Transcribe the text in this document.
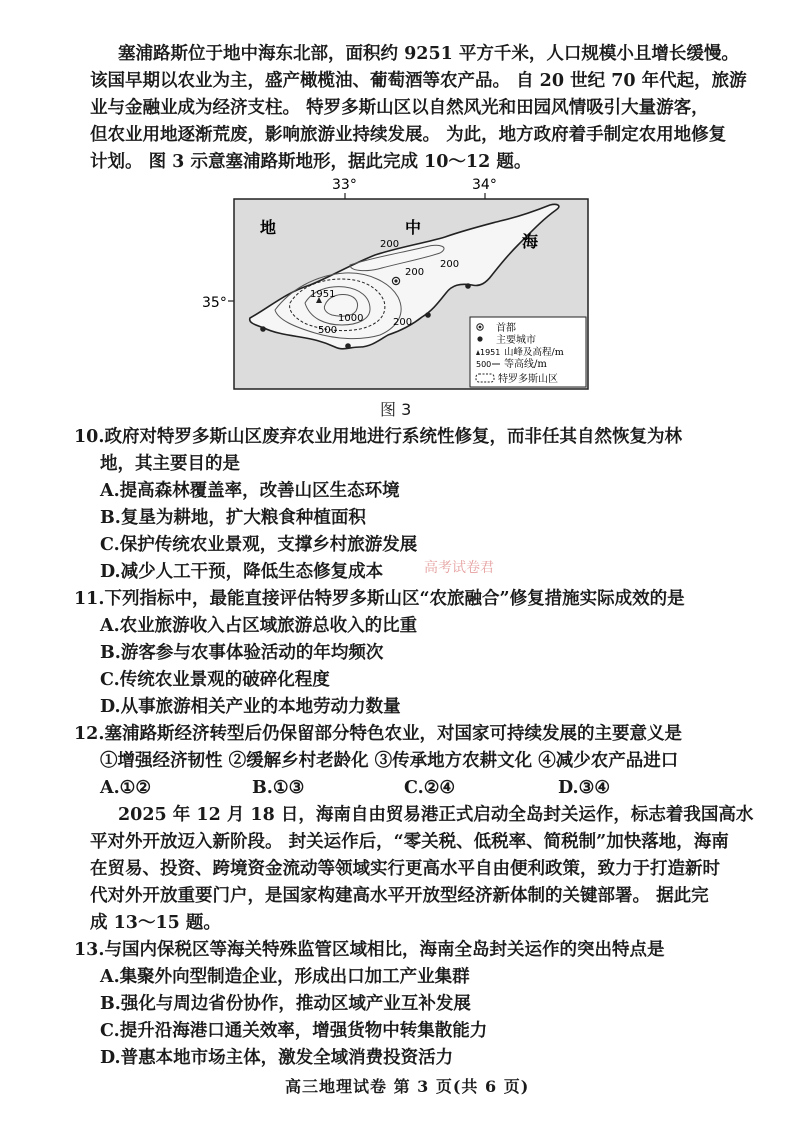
塞浦路斯位于地中海东北部，面积约 9251 平方千米，人口规模小且增长缓慢。
该国早期以农业为主，盛产橄榄油、葡萄酒等农产品。 自 20 世纪 70 年代起，旅游
业与金融业成为经济支柱。 特罗多斯山区以自然风光和田园风情吸引大量游客，
但农业用地逐渐荒废，影响旅游业持续发展。 为此，地方政府着手制定农用地修复
计划。 图 3 示意塞浦路斯地形，据此完成 10～12 题。
33°	34°
35°
地	中
海
200
200
200
500
1000	200
1951
首都
主要城市
1951 山峰及高程/m
500 等高线/m
特罗多斯山区
图 3
10.政府对特罗多斯山区废弃农业用地进行系统性修复，而非任其自然恢复为林
地，其主要目的是
A.提高森林覆盖率，改善山区生态环境
B.复垦为耕地，扩大粮食种植面积
C.保护传统农业景观，支撑乡村旅游发展
D.减少人工干预，降低生态修复成本	高考试卷君
11.下列指标中，最能直接评估特罗多斯山区“农旅融合”修复措施实际成效的是
A.农业旅游收入占区域旅游总收入的比重
B.游客参与农事体验活动的年均频次
C.传统农业景观的破碎化程度
D.从事旅游相关产业的本地劳动力数量
12.塞浦路斯经济转型后仍保留部分特色农业，对国家可持续发展的主要意义是
①增强经济韧性 ②缓解乡村老龄化 ③传承地方农耕文化 ④减少农产品进口
A.①②	B.①③	C.②④	D.③④
2025 年 12 月 18 日，海南自由贸易港正式启动全岛封关运作，标志着我国高水
平对外开放迈入新阶段。 封关运作后，“零关税、低税率、简税制”加快落地，海南
在贸易、投资、跨境资金流动等领域实行更高水平自由便利政策，致力于打造新时
代对外开放重要门户，是国家构建高水平开放型经济新体制的关键部署。 据此完
成 13～15 题。
13.与国内保税区等海关特殊监管区域相比，海南全岛封关运作的突出特点是
A.集聚外向型制造企业，形成出口加工产业集群
B.强化与周边省份协作，推动区域产业互补发展
C.提升沿海港口通关效率，增强货物中转集散能力
D.普惠本地市场主体，激发全域消费投资活力
高三地理试卷 第 3 页(共 6 页)
